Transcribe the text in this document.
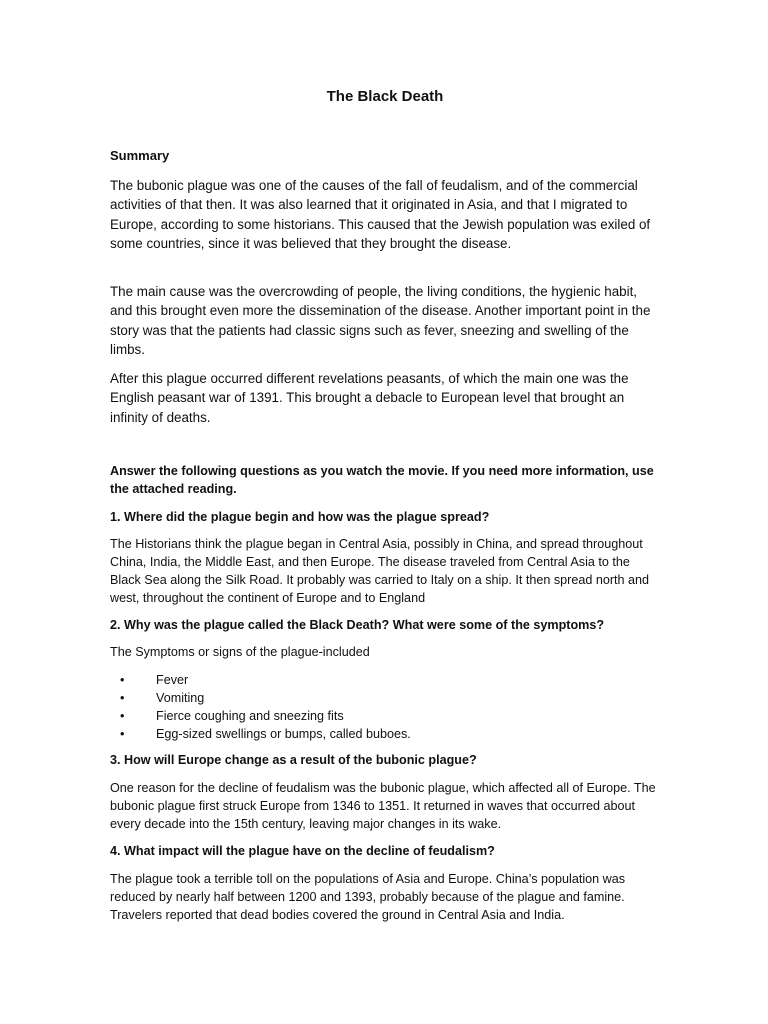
The Black Death
Summary

The bubonic plague was one of the causes of the fall of feudalism, and of the commercial activities of that then. It was also learned that it originated in Asia, and that I migrated to Europe, according to some historians. This caused that the Jewish population was exiled of some countries, since it was believed that they brought the disease.

The main cause was the overcrowding of people, the living conditions, the hygienic habit, and this brought even more the dissemination of the disease. Another important point in the story was that the patients had classic signs such as fever, sneezing and swelling of the limbs.

After this plague occurred different revelations peasants, of which the main one was the English peasant war of 1391. This brought a debacle to European level that brought an infinity of deaths.

Answer the following questions as you watch the movie. If you need more information, use the attached reading.

1. Where did the plague begin and how was the plague spread?

The Historians think the plague began in Central Asia, possibly in China, and spread throughout China, India, the Middle East, and then Europe. The disease traveled from Central Asia to the Black Sea along the Silk Road. It probably was carried to Italy on a ship. It then spread north and west, throughout the continent of Europe and to England

2. Why was the plague called the Black Death? What were some of the symptoms?

The Symptoms or signs of the plague-included

•	Fever
•	Vomiting
•	Fierce coughing and sneezing fits
•	Egg-sized swellings or bumps, called buboes.

3. How will Europe change as a result of the bubonic plague?

One reason for the decline of feudalism was the bubonic plague, which affected all of Europe. The bubonic plague first struck Europe from 1346 to 1351. It returned in waves that occurred about every decade into the 15th century, leaving major changes in its wake.

4. What impact will the plague have on the decline of feudalism?

The plague took a terrible toll on the populations of Asia and Europe. China’s population was reduced by nearly half between 1200 and 1393, probably because of the plague and famine. Travelers reported that dead bodies covered the ground in Central Asia and India.
